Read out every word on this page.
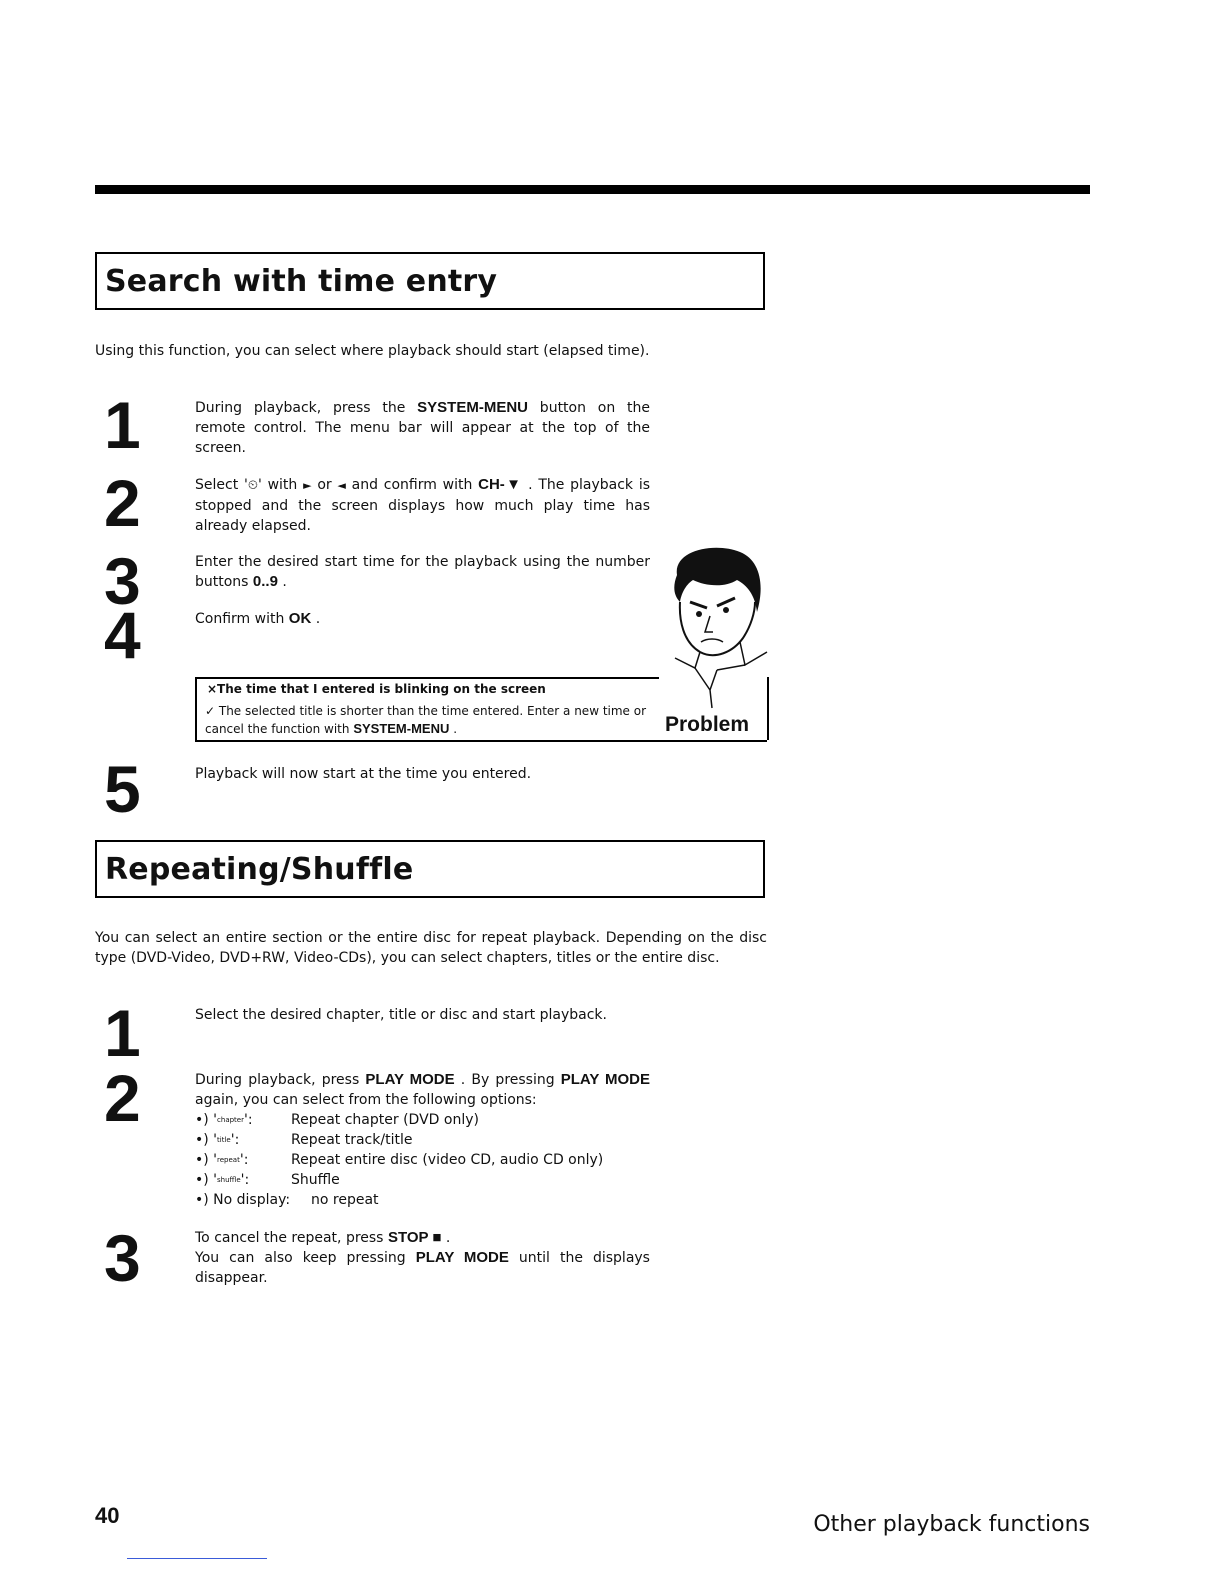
Search with time entry
Using this function, you can select where playback should start (elapsed time).
1	During playback, press the SYSTEM-MENU button on the remote control. The menu bar will appear at the top of the screen.
2	Select '⏲' with ► or ◄ and confirm with CH-▼ . The playback is stopped and the screen displays how much play time has already elapsed.
3	Enter the desired start time for the playback using the number buttons 0..9 .
4	Confirm with OK .
×The time that I entered is blinking on the screen
✓ The selected title is shorter than the time entered. Enter a new time or cancel the function with SYSTEM-MENU .	Problem
5	Playback will now start at the time you entered.
Repeating/Shuffle
You can select an entire section or the entire disc for repeat playback. Depending on the disc type (DVD-Video, DVD+RW, Video-CDs), you can select chapters, titles or the entire disc.
1	Select the desired chapter, title or disc and start playback.
2	During playback, press PLAY MODE . By pressing PLAY MODE again, you can select from the following options:
•) 'chapter':	Repeat chapter (DVD only)
•) 'title':	Repeat track/title
•) 'repeat':	Repeat entire disc (video CD, audio CD only)
•) 'shuffle':	Shuffle
•) No display: no repeat
3	To cancel the repeat, press STOP ■ .
You can also keep pressing PLAY MODE until the displays disappear.
40	Other playback functions
